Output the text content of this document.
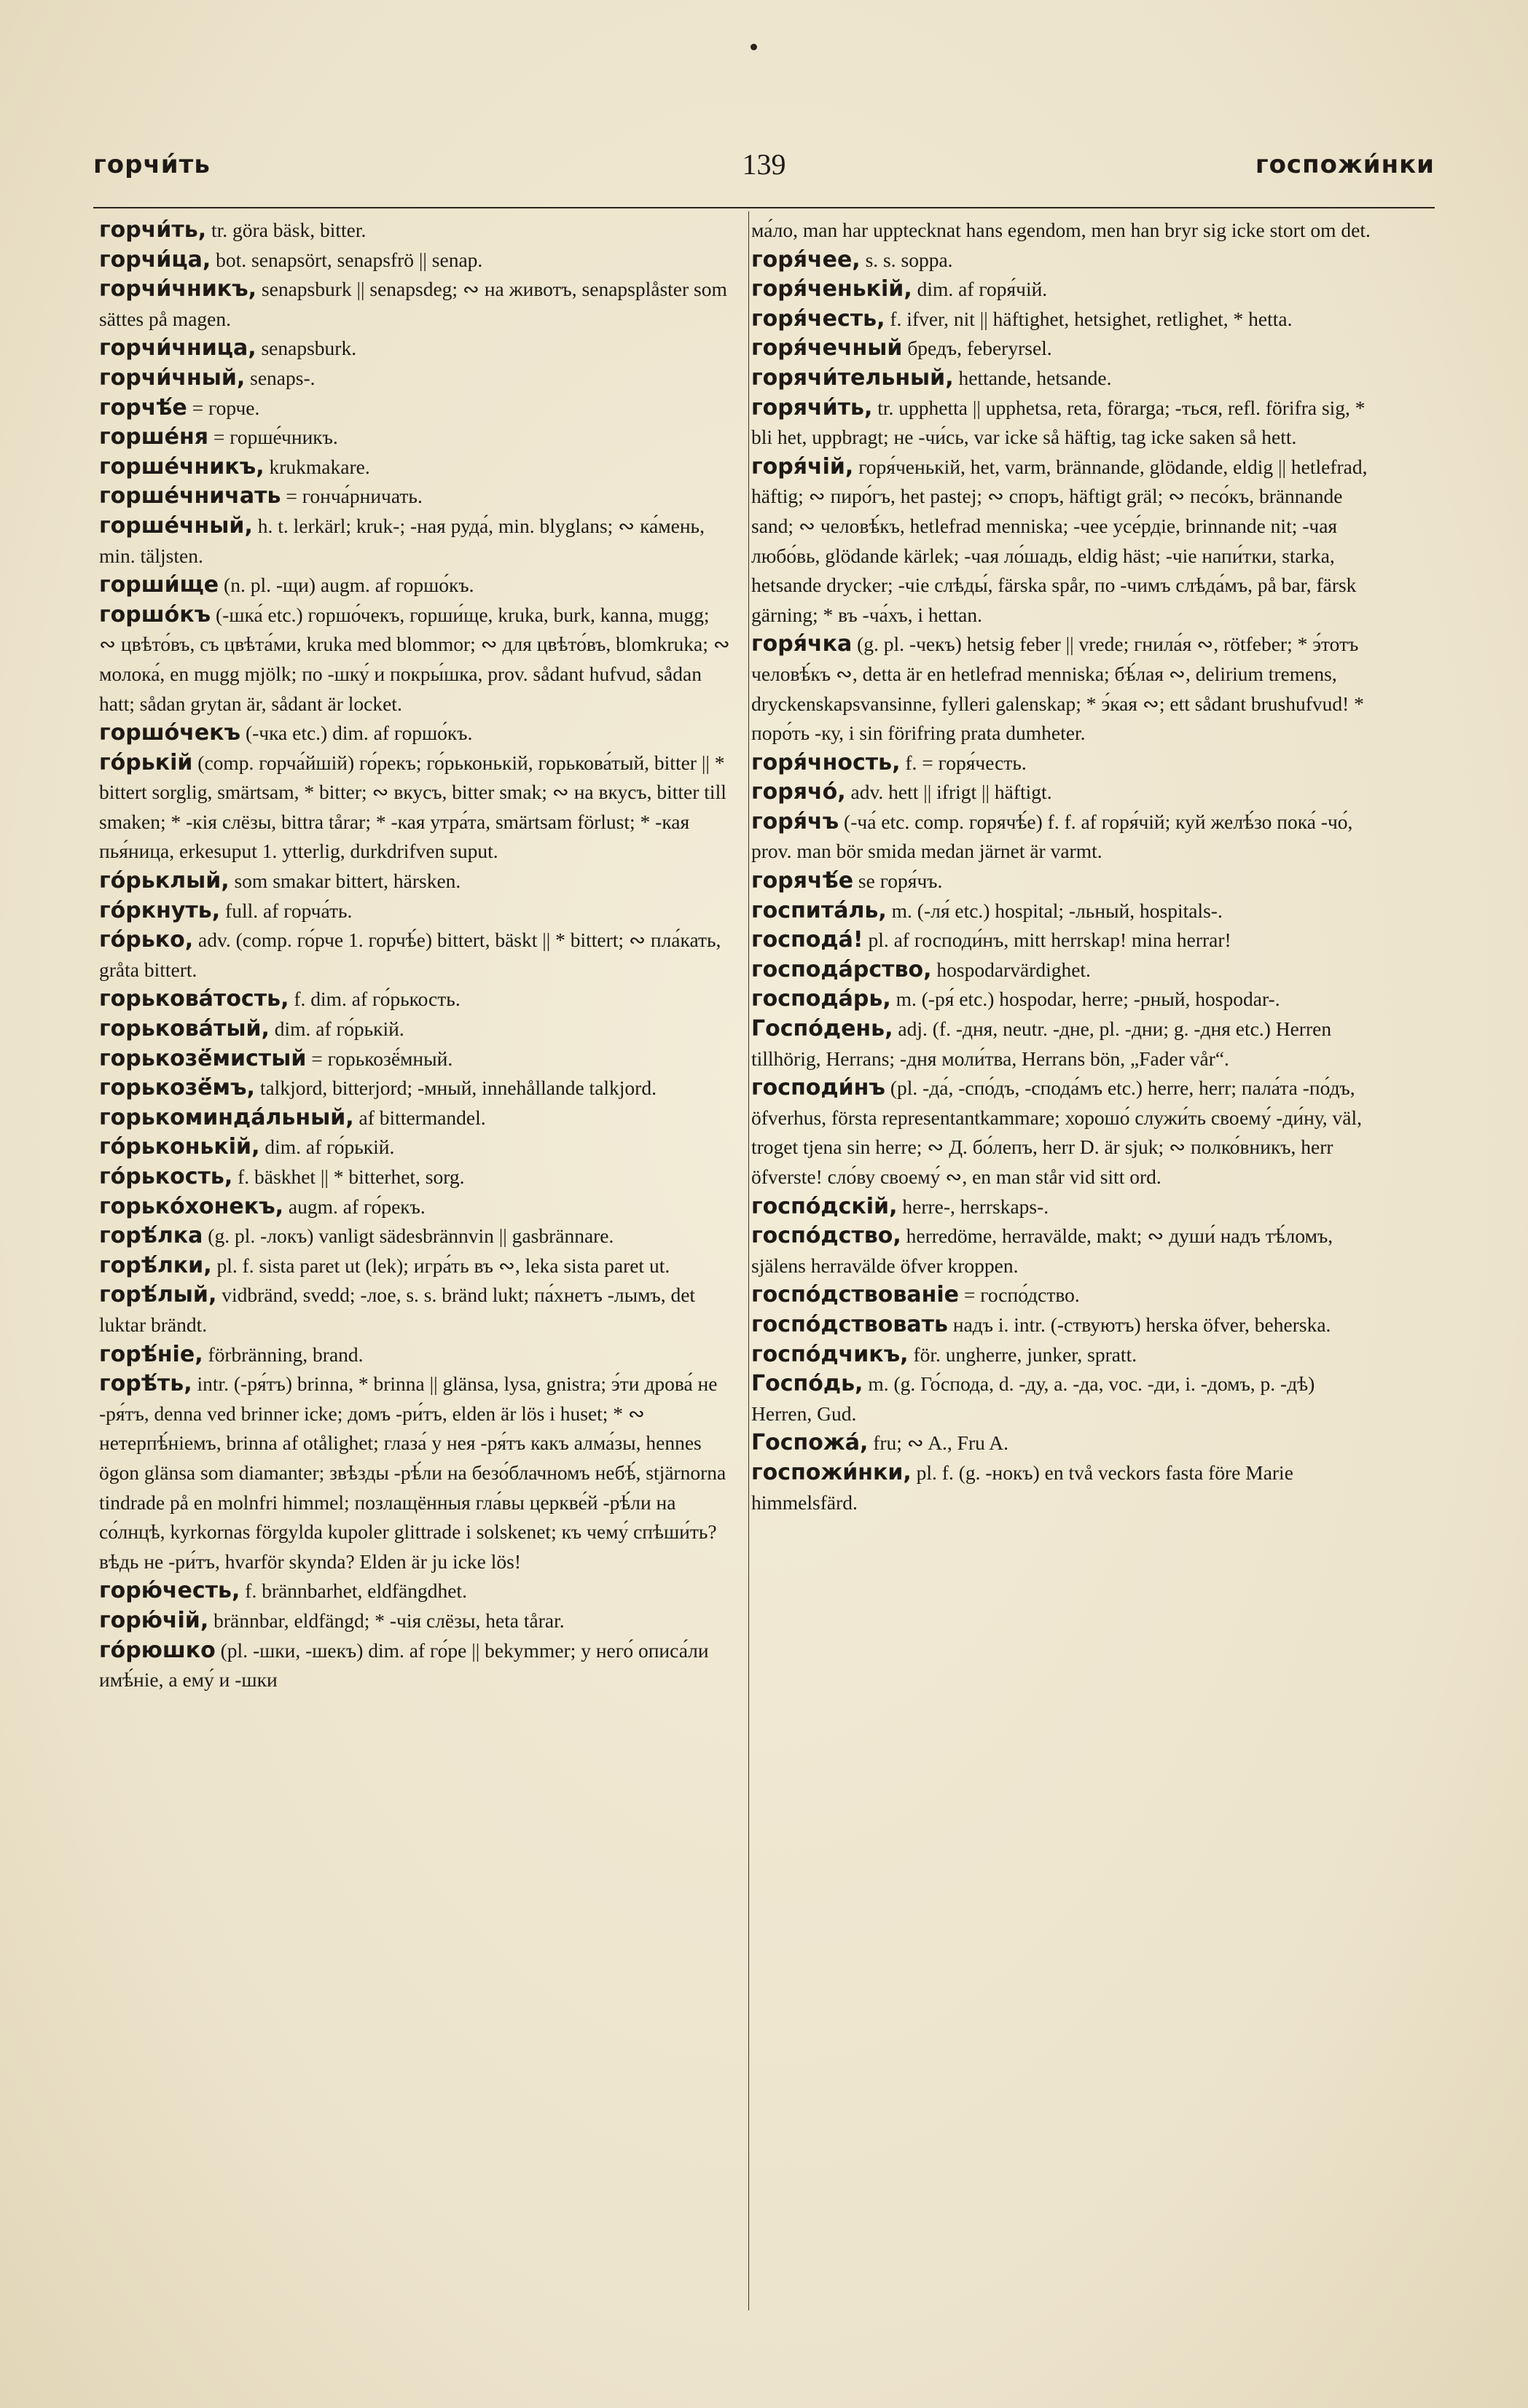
горчи́ть	139	госпожи́нки

горчи́ть, tr. göra bäsk, bitter.

горчи́ца, bot. senapsört, senapsfrö || senap.

горчи́чникъ, senapsburk || senapsdeg; ∾ на животъ, senapsplåster som sättes på magen.

горчи́чница, senapsburk.

горчи́чный, senaps-.

горчѣ́е = горче.

горше́ня = горше́чникъ.

горше́чникъ, krukmakare.

горше́чничать = гонча́рничать.

горше́чный, h. t. lerkärl; kruk-; -ная руда́, min. blyglans; ∾ ка́мень, min. täljsten.

горши́ще (n. pl. -щи) augm. af горшо́къ.

горшо́къ (-шка́ etc.) горшо́чекъ, горши́ще, kruka, burk, kanna, mugg; ∾ цвѣто́въ, съ цвѣта́ми, kruka med blommor; ∾ для цвѣто́въ, blomkruka; ∾ молока́, en mugg mjölk; по -шку́ и покры́шка, prov. sådant hufvud, sådan hatt; sådan grytan är, sådant är locket.

горшо́чекъ (-чка etc.) dim. af горшо́къ.

го́рькій (comp. горча́йшій) го́рекъ; го́рьконькій, горькова́тый, bitter || * bittert sorglig, smärtsam, * bitter; ∾ вкусъ, bitter smak; ∾ на вкусъ, bitter till smaken; * -кія слёзы, bittra tårar; * -кая утра́та, smärtsam förlust; * -кая пья́ница, erkesuput 1. ytterlig, durkdrifven suput.

го́рьклый, som smakar bittert, härsken.

го́ркнуть, full. af горча́ть.

го́рько, adv. (comp. го́рче 1. горчѣ́е) bittert, bäskt || * bittert; ∾ пла́кать, gråta bittert.

горькова́тость, f. dim. af го́рькость.

горькова́тый, dim. af го́рькій.

горькозё́мистый = горькозё́мный.

горькозё́мъ, talkjord, bitterjord; -мный, innehållande talkjord.

горькоминда́льный, af bittermandel.

го́рьконькій, dim. af го́рькій.

го́рькость, f. bäskhet || * bitterhet, sorg.

горько́хонекъ, augm. af го́рекъ.

горѣ́лка (g. pl. -локъ) vanligt sädesbrännvin || gasbrännare.

горѣ́лки, pl. f. sista paret ut (lek); игра́ть въ ∾, leka sista paret ut.

горѣ́лый, vidbränd, svedd; -лое, s. s. bränd lukt; па́хнетъ -лымъ, det luktar brändt.

горѣ́ніе, förbränning, brand.

горѣ́ть, intr. (-ря́тъ) brinna, * brinna || glänsa, lysa, gnistra; э́ти дрова́ не -ря́тъ, denna ved brinner icke; домъ -ри́тъ, elden är lös i huset; * ∾ нетерпѣ́ніемъ, brinna af otålighet; глаза́ у нея -ря́тъ какъ алма́зы, hennes ögon glänsa som diamanter; звѣзды -рѣ́ли на безо́блачномъ небѣ́, stjärnorna tindrade på en molnfri himmel; позлащённыя гла́вы церкве́й -рѣ́ли на со́лнцѣ, kyrkornas förgylda kupoler glittrade i solskenet; къ чему́ спѣши́ть? вѣдь не -ри́тъ, hvarför skynda? Elden är ju icke lös!

горю́честь, f. brännbarhet, eldfängdhet.

горю́чій, brännbar, eldfängd; * -чія слёзы, heta tårar.

го́рюшко (pl. -шки, -шекъ) dim. af го́ре || bekymmer; у него́ описа́ли имѣ́ніе, а ему́ и -шки

ма́ло, man har upptecknat hans egendom, men han bryr sig icke stort om det.

горя́чее, s. s. soppa.

горя́ченькій, dim. af горя́чій.

горя́честь, f. ifver, nit || häftighet, hetsighet, retlighet, * hetta.

горя́чечный бредъ, feberyrsel.

горячи́тельный, hettande, hetsande.

горячи́ть, tr. upphetta || upphetsa, reta, förarga; -ться, refl. förifra sig, * bli het, uppbragt; не -чи́сь, var icke så häftig, tag icke saken så hett.

горя́чій, горя́ченькій, het, varm, brännande, glödande, eldig || hetlefrad, häftig; ∾ пиро́гъ, het pastej; ∾ споръ, häftigt gräl; ∾ песо́къ, brännande sand; ∾ человѣ́къ, hetlefrad menniska; -чее усе́рдіе, brinnande nit; -чая любо́вь, glödande kärlek; -чая ло́шадь, eldig häst; -чіе напи́тки, starka, hetsande drycker; -чіе слѣды́, färska spår, по -чимъ слѣда́мъ, på bar, färsk gärning; * въ -ча́хъ, i hettan.

горя́чка (g. pl. -чекъ) hetsig feber || vrede; гнила́я ∾, rötfeber; * э́тотъ человѣ́къ ∾, detta är en hetlefrad menniska; бѣ́лая ∾, delirium tremens, dryckenskapsvansinne, fylleri galenskap; * э́кая ∾; ett sådant brushufvud! * поро́ть -ку, i sin förifring prata dumheter.

горя́чность, f. = горя́честь.

горячо́, adv. hett || ifrigt || häftigt.

горя́чъ (-ча́ etc. comp. горячѣ́е) f. f. af горя́чій; куй желѣ́зо пока́ -чо́, prov. man bör smida medan järnet är varmt.

горячѣ́е se горя́чъ.

госпита́ль, m. (-ля́ etc.) hospital; -льный, hospitals-.

господа́! pl. af господи́нъ, mitt herrskap! mina herrar!

господа́рство, hospodarvärdighet.

господа́рь, m. (-ря́ etc.) hospodar, herre; -рный, hospodar-.

Госпо́день, adj. (f. -дня, neutr. -дне, pl. -дни; g. -дня etc.) Herren tillhörig, Herrans; -дня моли́тва, Herrans bön, „Fader vår“.

господи́нъ (pl. -да́, -спо́дъ, -спода́мъ etc.) herre, herr; пала́та -по́дъ, öfverhus, första representantkammare; хорошо́ служи́ть своему́ -ди́ну, väl, troget tjena sin herre; ∾ Д. бо́лепъ, herr D. är sjuk; ∾ полко́вникъ, herr öfverste! сло́ву своему́ ∾, en man står vid sitt ord.

госпо́дскій, herre-, herrskaps-.

госпо́дство, herredöme, herravälde, makt; ∾ души́ надъ тѣ́ломъ, själens herravälde öfver kroppen.

госпо́дствованіе = госпо́дство.

госпо́дствовать надъ i. intr. (-ствуютъ) herska öfver, beherska.

госпо́дчикъ, för. ungherre, junker, spratt.

Госпо́дь, m. (g. Го́спода, d. -ду, a. -да, voc. -ди, i. -домъ, p. -дѣ) Herren, Gud.

Госпожа́, fru; ∾ A., Fru A.

госпожи́нки, pl. f. (g. -нокъ) en två veckors fasta före Marie himmelsfärd.
